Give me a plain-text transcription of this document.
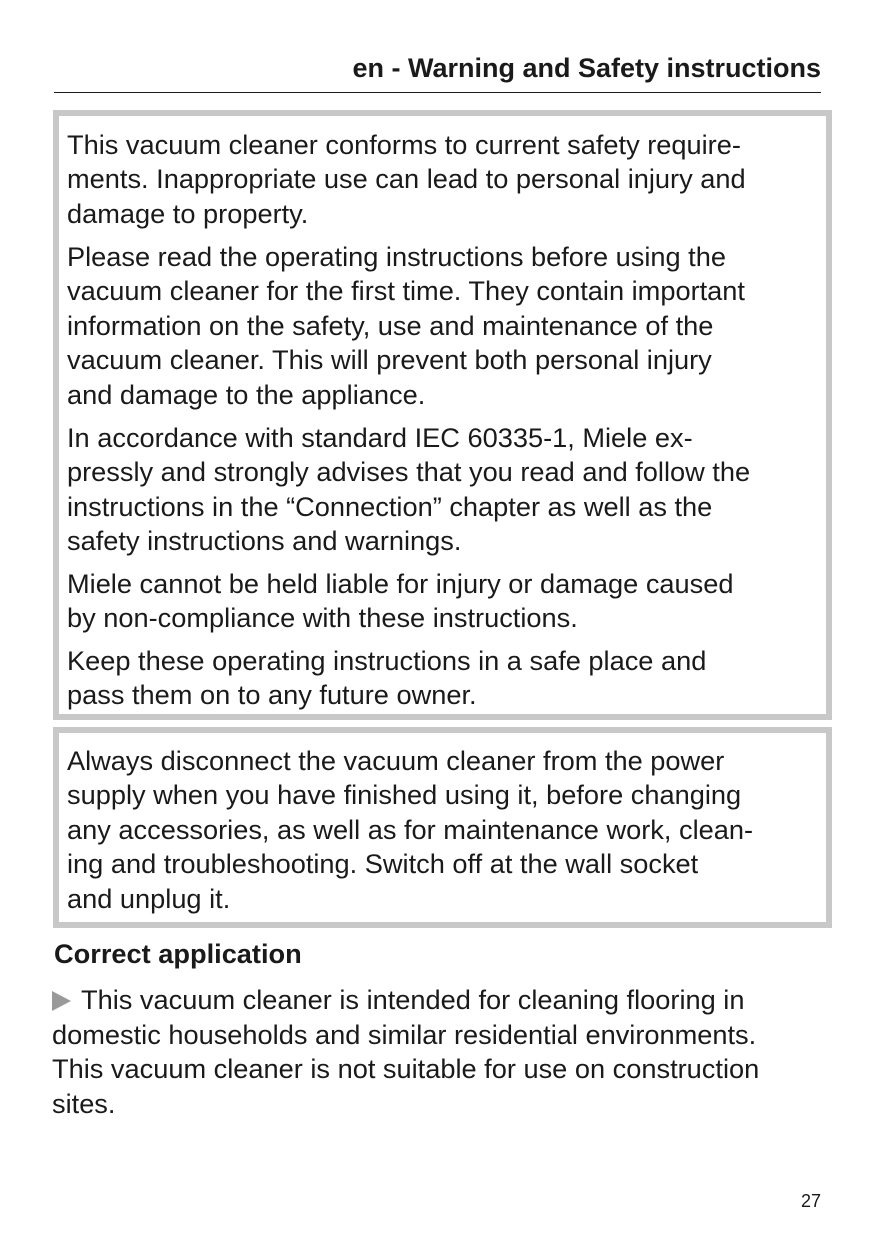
en - Warning and Safety instructions

This vacuum cleaner conforms to current safety require-
ments. Inappropriate use can lead to personal injury and
damage to property.

Please read the operating instructions before using the
vacuum cleaner for the first time. They contain important
information on the safety, use and maintenance of the
vacuum cleaner. This will prevent both personal injury
and damage to the appliance.

In accordance with standard IEC 60335-1, Miele ex-
pressly and strongly advises that you read and follow the
instructions in the “Connection” chapter as well as the
safety instructions and warnings.

Miele cannot be held liable for injury or damage caused
by non-compliance with these instructions.

Keep these operating instructions in a safe place and
pass them on to any future owner.

Always disconnect the vacuum cleaner from the power
supply when you have finished using it, before changing
any accessories, as well as for maintenance work, clean-
ing and troubleshooting. Switch off at the wall socket
and unplug it.

Correct application

This vacuum cleaner is intended for cleaning flooring in
domestic households and similar residential environments.
This vacuum cleaner is not suitable for use on construction
sites.

27
